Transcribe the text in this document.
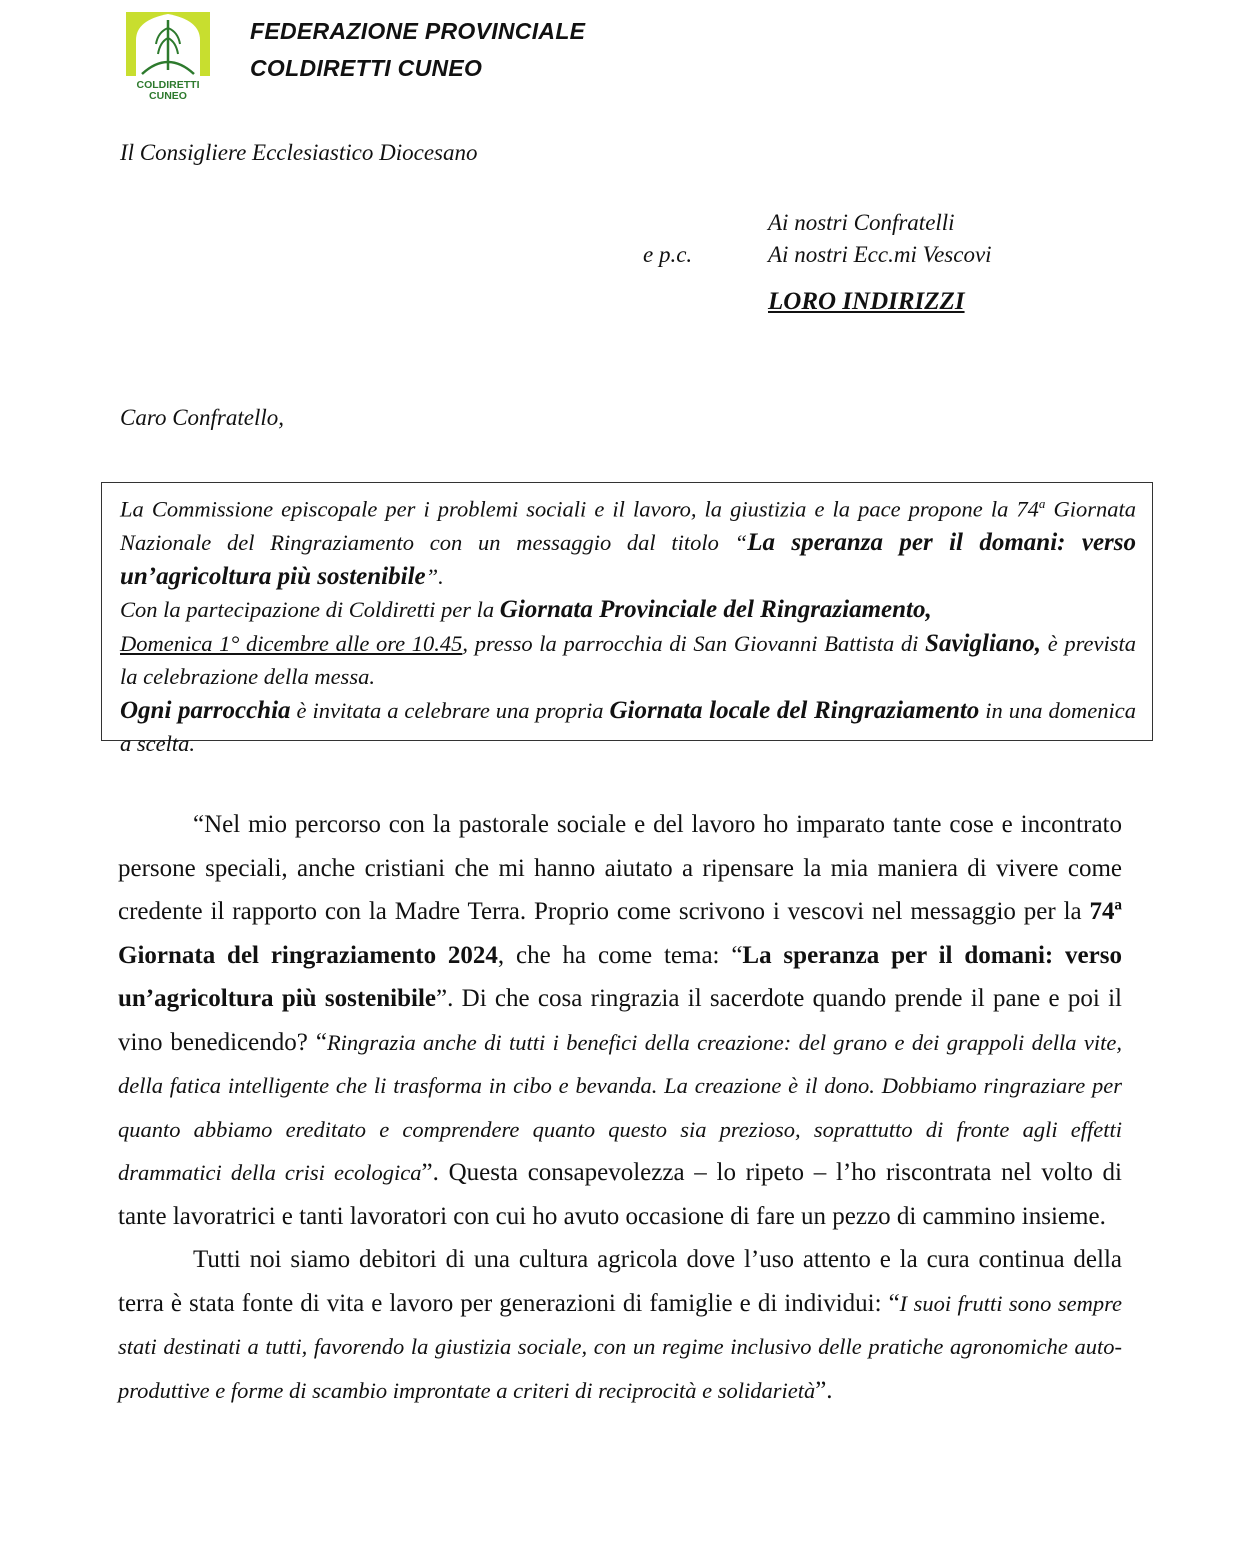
COLDIRETTI
CUNEO
FEDERAZIONE PROVINCIALE
COLDIRETTI CUNEO
Il Consigliere Ecclesiastico Diocesano
Ai nostri Confratelli
e p.c.	Ai nostri Ecc.mi Vescovi
LORO INDIRIZZI
Caro Confratello,

La Commissione episcopale per i problemi sociali e il lavoro, la giustizia e la pace propone la 74$^a$ Giornata Nazionale del Ringraziamento con un messaggio dal titolo “La speranza per il domani: verso un’agricoltura più sostenibile”.

Con la partecipazione di Coldiretti per la Giornata Provinciale del Ringraziamento,
Domenica 1° dicembre alle ore 10.45, presso la parrocchia di San Giovanni Battista di Savigliano, è prevista la celebrazione della messa.

Ogni parrocchia è invitata a celebrare una propria Giornata locale del Ringraziamento in una domenica a scelta.

“Nel mio percorso con la pastorale sociale e del lavoro ho imparato tante cose e incontrato persone speciali, anche cristiani che mi hanno aiutato a ripensare la mia maniera di vivere come credente il rapporto con la Madre Terra. Proprio come scrivono i vescovi nel messaggio per la 74ª Giornata del ringraziamento 2024, che ha come tema: “La speranza per il domani: verso un’agricoltura più sostenibile”. Di che cosa ringrazia il sacerdote quando prende il pane e poi il vino benedicendo? “Ringrazia anche di tutti i benefici della creazione: del grano e dei grappoli della vite, della fatica intelligente che li trasforma in cibo e bevanda. La creazione è il dono. Dobbiamo ringraziare per quanto abbiamo ereditato e comprendere quanto questo sia prezioso, soprattutto di fronte agli effetti drammatici della crisi ecologica”. Questa consapevolezza – lo ripeto – l’ho riscontrata nel volto di tante lavoratrici e tanti lavoratori con cui ho avuto occasione di fare un pezzo di cammino insieme.

Tutti noi siamo debitori di una cultura agricola dove l’uso attento e la cura continua della terra è stata fonte di vita e lavoro per generazioni di famiglie e di individui: “I suoi frutti sono sempre stati destinati a tutti, favorendo la giustizia sociale, con un regime inclusivo delle pratiche agronomiche auto-produttive e forme di scambio improntate a criteri di reciprocità e solidarietà”.
